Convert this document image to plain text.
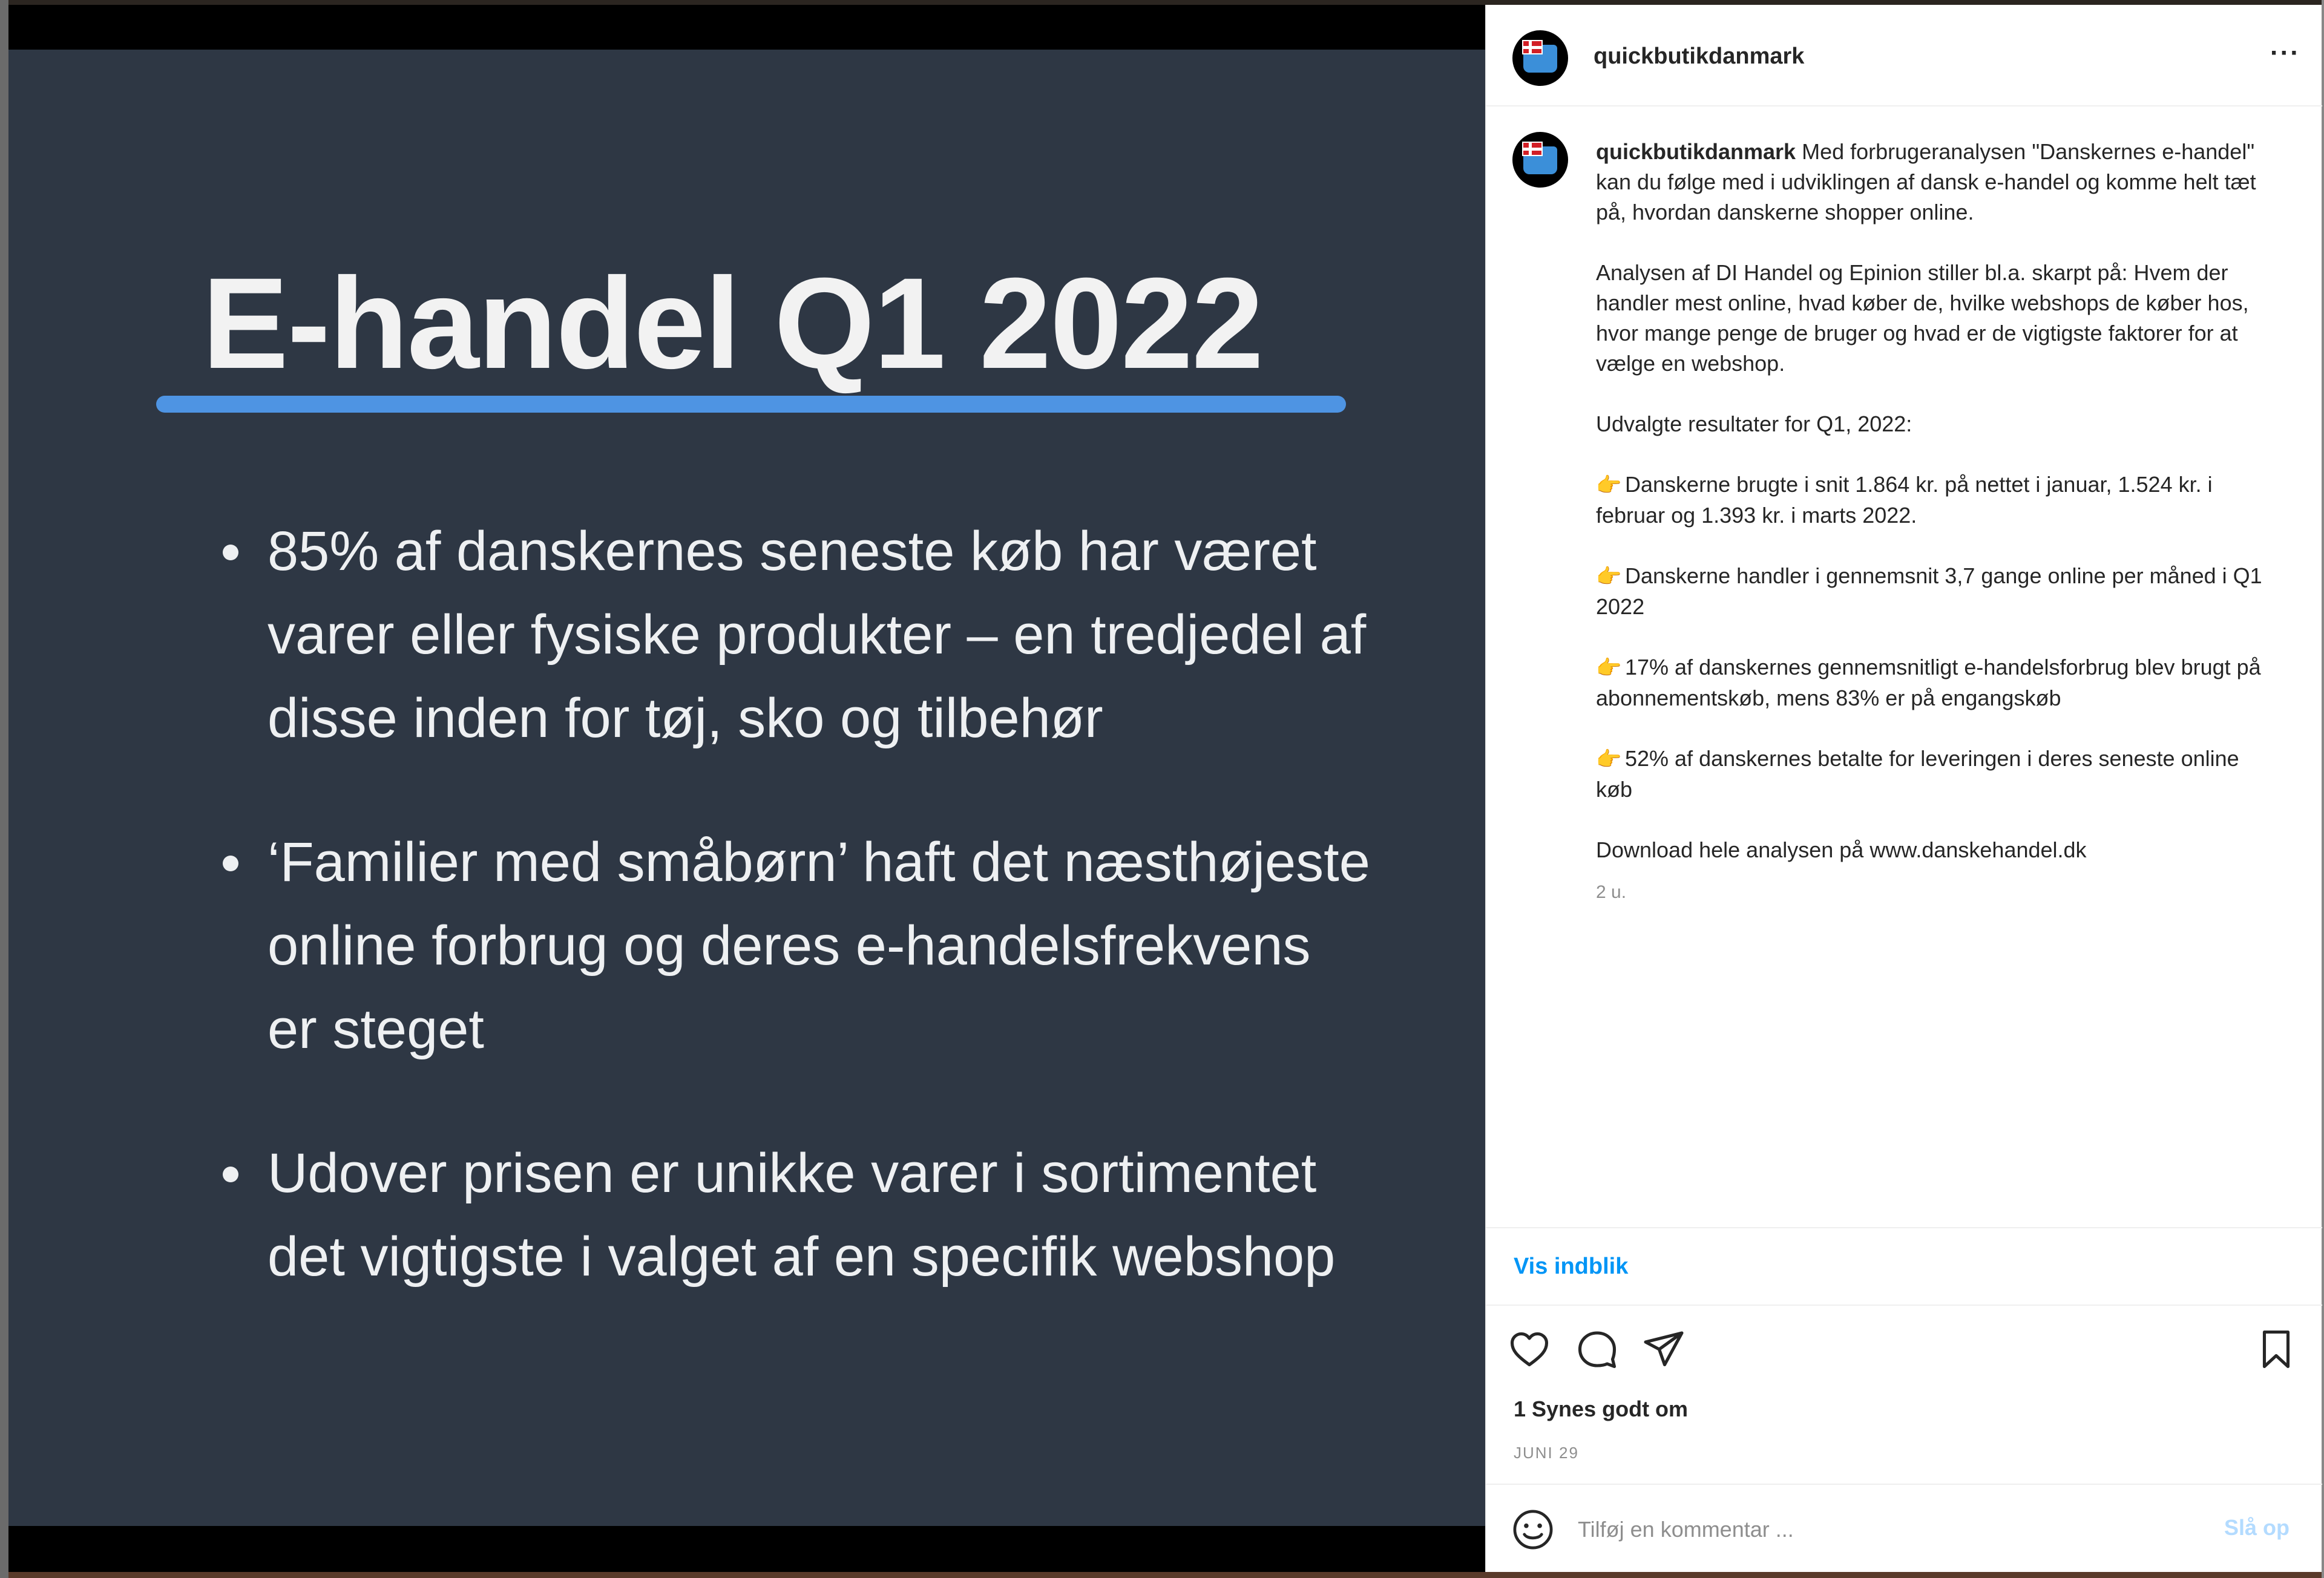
E-handel Q1 2022
85% af danskernes seneste køb har været varer eller fysiske produkter – en tredjedel af disse inden for tøj, sko og tilbehør
‘Familier med småbørn’ haft det næsthøjeste online forbrug og deres e-handelsfrekvens er steget
Udover prisen er unikke varer i sortimentet det vigtigste i valget af en specifik webshop
quickbutikdanmark	···

quickbutikdanmark Med forbrugeranalysen "Danskernes e-handel" kan du følge med i udviklingen af dansk e-handel og komme helt tæt på, hvordan danskerne shopper online.

Analysen af DI Handel og Epinion stiller bl.a. skarpt på: Hvem der handler mest online, hvad køber de, hvilke webshops de køber hos, hvor mange penge de bruger og hvad er de vigtigste faktorer for at vælge en webshop.

Udvalgte resultater for Q1, 2022:

👉 Danskerne brugte i snit 1.864 kr. på nettet i januar, 1.524 kr. i februar og 1.393 kr. i marts 2022.

👉 Danskerne handler i gennemsnit 3,7 gange online per måned i Q1 2022

👉 17% af danskernes gennemsnitligt e-handelsforbrug blev brugt på abonnementskøb, mens 83% er på engangskøb

👉 52% af danskernes betalte for leveringen i deres seneste online køb

Download hele analysen på www.danskehandel.dk

2 u.
Vis indblik
1 Synes godt om
JUNI 29
Tilføj en kommentar ...
Slå op
